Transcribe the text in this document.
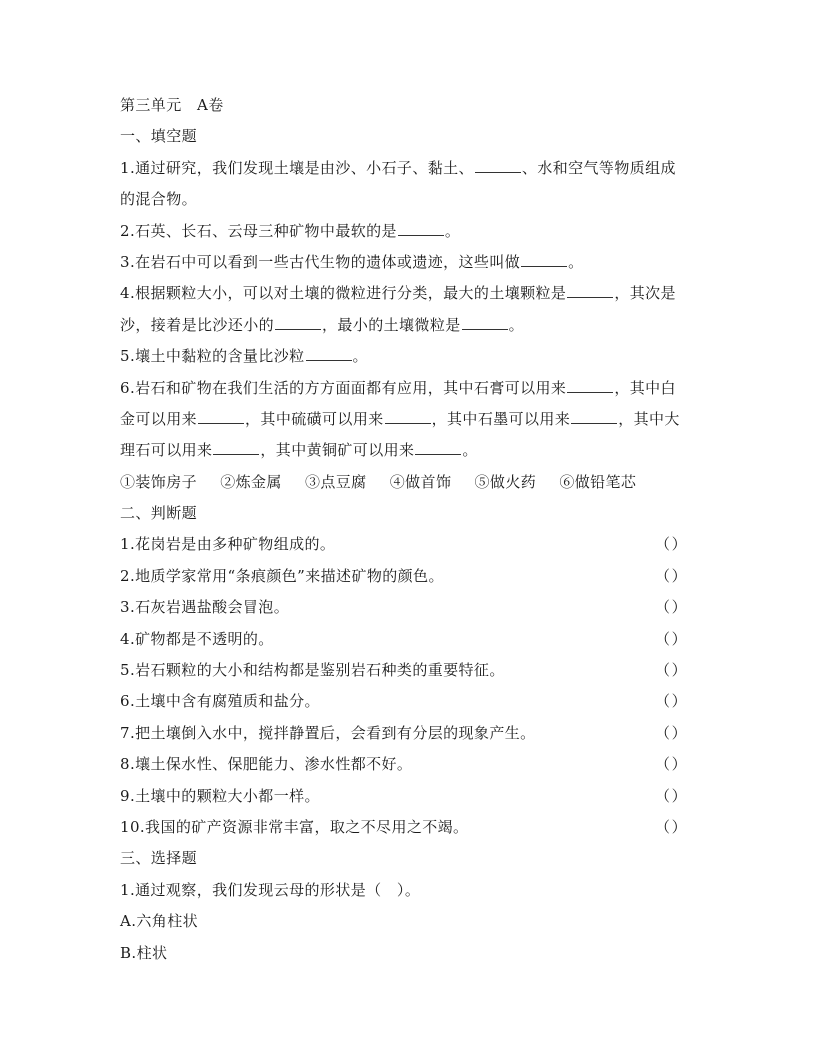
第三单元　A卷
一、填空题
1.通过研究，我们发现土壤是由沙、小石子、黏土、	、水和空气等物质组成
的混合物。
2.石英、长石、云母三种矿物中最软的是	。
3.在岩石中可以看到一些古代生物的遗体或遗迹，这些叫做	。
4.根据颗粒大小，可以对土壤的微粒进行分类，最大的土壤颗粒是	，其次是
沙，接着是比沙还小的	，最小的土壤微粒是	。
5.壤土中黏粒的含量比沙粒	。
6.岩石和矿物在我们生活的方方面面都有应用，其中石膏可以用来	，其中白
金可以用来	，其中硫磺可以用来	，其中石墨可以用来	，其中大
理石可以用来	，其中黄铜矿可以用来	。
①装饰房子 ②炼金属 ③点豆腐 ④做首饰 ⑤做火药 ⑥做铅笔芯
二、判断题
1.花岗岩是由多种矿物组成的。	（ ）
2.地质学家常用“条痕颜色”来描述矿物的颜色。	（ ）
3.石灰岩遇盐酸会冒泡。	（ ）
4.矿物都是不透明的。	（ ）
5.岩石颗粒的大小和结构都是鉴别岩石种类的重要特征。	（ ）
6.土壤中含有腐殖质和盐分。	（ ）
7.把土壤倒入水中，搅拌静置后，会看到有分层的现象产生。	（ ）
8.壤土保水性、保肥能力、渗水性都不好。	（ ）
9.土壤中的颗粒大小都一样。	（ ）
10.我国的矿产资源非常丰富，取之不尽用之不竭。	（ ）
三、选择题
1.通过观察，我们发现云母的形状是（　）。
A.六角柱状
B.柱状
